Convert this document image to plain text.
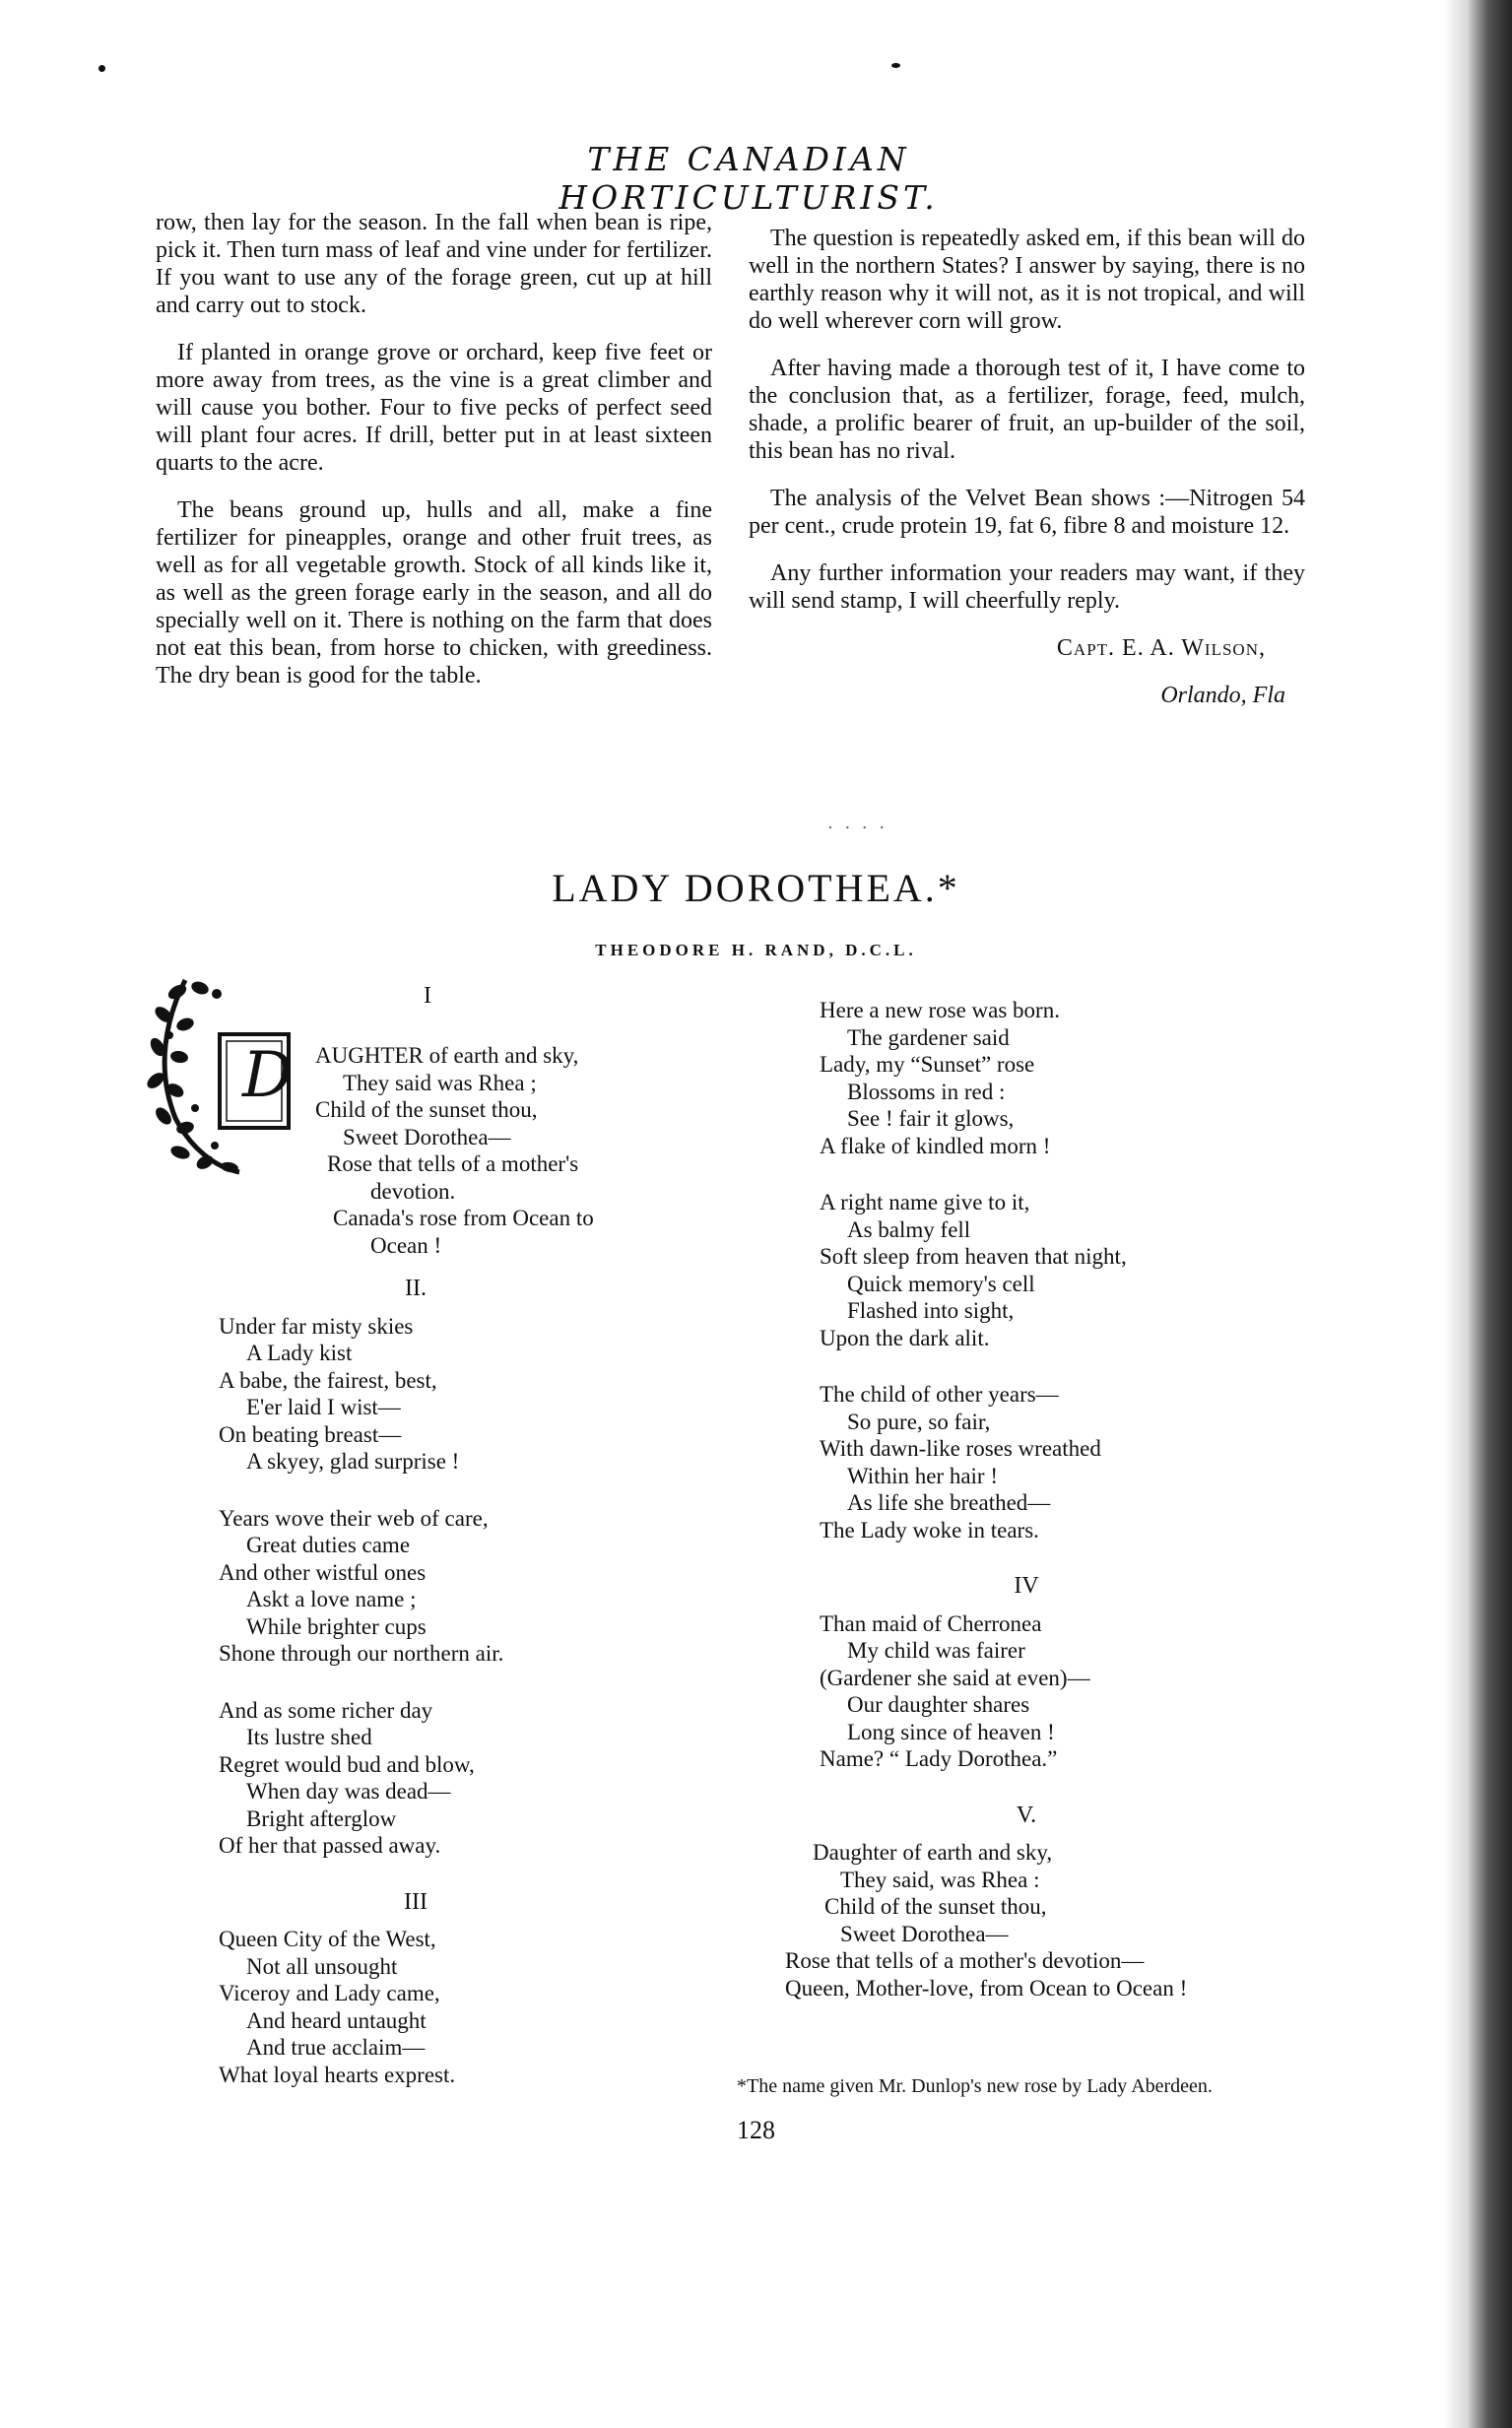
THE CANADIAN HORTICULTURIST.

row, then lay for the season. In the fall when bean is ripe, pick it. Then turn mass of leaf and vine under for fertilizer. If you want to use any of the forage green, cut up at hill and carry out to stock.

If planted in orange grove or orchard, keep five feet or more away from trees, as the vine is a great climber and will cause you bother. Four to five pecks of perfect seed will plant four acres. If drill, better put in at least sixteen quarts to the acre.

The beans ground up, hulls and all, make a fine fertilizer for pineapples, orange and other fruit trees, as well as for all vegetable growth. Stock of all kinds like it, as well as the green forage early in the season, and all do specially well on it. There is nothing on the farm that does not eat this bean, from horse to chicken, with greediness. The dry bean is good for the table.

The question is repeatedly asked em, if this bean will do well in the northern States? I answer by saying, there is no earthly reason why it will not, as it is not tropical, and will do well wherever corn will grow.

After having made a thorough test of it, I have come to the conclusion that, as a fertilizer, forage, feed, mulch, shade, a prolific bearer of fruit, an up-builder of the soil, this bean has no rival.

The analysis of the Velvet Bean shows :—Nitrogen 54 per cent., crude protein 19, fat 6, fibre 8 and moisture 12.

Any further information your readers may want, if they will send stamp, I will cheerfully reply.

Capt. E. A. Wilson,

Orlando, Fla

. . . .
LADY DOROTHEA.*
THEODORE H. RAND, D.C.L.
I
D AUGHTER of earth and sky,
They said was Rhea ;
Child of the sunset thou,
Sweet Dorothea—
Rose that tells of a mother's
devotion.
Canada's rose from Ocean to
Ocean !
II.
Under far misty skies
A Lady kist
A babe, the fairest, best,
E'er laid I wist—
On beating breast—
A skyey, glad surprise !
Years wove their web of care,
Great duties came
And other wistful ones
Askt a love name ;
While brighter cups
Shone through our northern air.
And as some richer day
Its lustre shed
Regret would bud and blow,
When day was dead—
Bright afterglow
Of her that passed away.
III
Queen City of the West,
Not all unsought
Viceroy and Lady came,
And heard untaught
And true acclaim—
What loyal hearts exprest.
Here a new rose was born.
The gardener said
Lady, my “Sunset” rose
Blossoms in red :
See ! fair it glows,
A flake of kindled morn !
A right name give to it,
As balmy fell
Soft sleep from heaven that night,
Quick memory's cell
Flashed into sight,
Upon the dark alit.
The child of other years—
So pure, so fair,
With dawn-like roses wreathed
Within her hair !
As life she breathed—
The Lady woke in tears.
IV
Than maid of Cherronea
My child was fairer
(Gardener she said at even)—
Our daughter shares
Long since of heaven !
Name? “ Lady Dorothea.”
V.
Daughter of earth and sky,
They said, was Rhea :
Child of the sunset thou,
Sweet Dorothea—
Rose that tells of a mother's devotion—
Queen, Mother-love, from Ocean to Ocean !
*The name given Mr. Dunlop's new rose by Lady Aberdeen.
128
